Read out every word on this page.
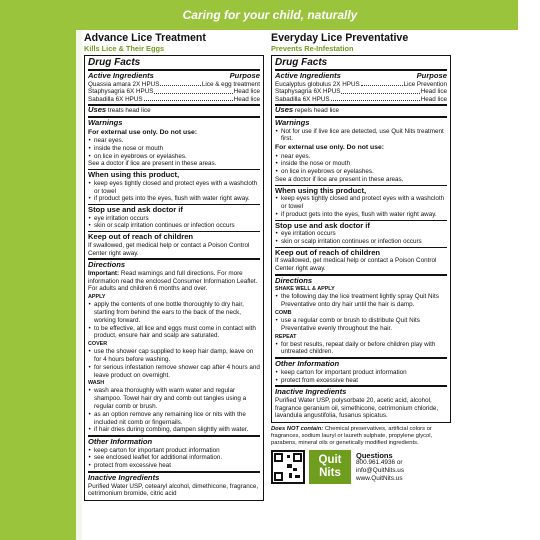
Caring for your child, naturally
Advance Lice Treatment
Kills Lice & Their Eggs
Drug Facts
Active Ingredients	Purpose
Quassia amara 2X HPUS	Lice & egg treatment
Staphysagria 6X HPUS	Head lice
Sabadilla 6X HPUS	Head lice
Uses treats head lice
Warnings
For external use only. Do not use:
• near eyes.
• inside the nose or mouth
• on lice in eyebrows or eyelashes.
See a doctor if lice are present in these areas.
When using this product,
• keep eyes tightly closed and protect eyes with a washcloth or towel
• if product gets into the eyes, flush with water right away.
Stop use and ask doctor if
• eye irritation occurs
• skin or scalp irritation continues or infection occurs
Keep out of reach of children
If swallowed, get medical help or contact a Poison Control Center right away.
Directions
Important: Read warnings and full directions. For more information read the enclosed Consumer Information Leaflet. For adults and children 6 months and over.
APPLY
• apply the contents of one bottle thoroughly to dry hair, starting from behind the ears to the back of the neck, working forward.
• to be effective, all lice and eggs must come in contact with product, ensure hair and scalp are saturated.
COVER
• use the shower cap supplied to keep hair damp, leave on for 4 hours before washing.
• for serious infestation remove shower cap after 4 hours and leave product on overnight.
WASH
• wash area thoroughly with warm water and regular shampoo. Towel hair dry and comb out tangles using a regular comb or brush.
• as an option remove any remaining lice or nits with the included nit comb or fingernails.
• if hair dries during combing, dampen slightly with water.
Other Information
• keep carton for important product information
• see enclosed leaflet for additional information.
• protect from excessive heat
Inactive Ingredients
Purified Water USP, cetearyl alcohol, dimethicone, fragrance, cetrimonium bromide, citric acid
Everyday Lice Preventative
Prevents Re-Infestation
Drug Facts
Active Ingredients	Purpose
Eucalyptus globulus 2X HPUS	Lice Prevention
Staphysagria 6X HPUS	Head lice
Sabadilla 6X HPUS	Head lice
Uses repels head lice
Warnings
• Not for use if live lice are detected, use Quit Nits treatment first.
For external use only. Do not use:
• near eyes.
• inside the nose or mouth
• on lice in eyebrows or eyelashes.
See a doctor if lice are present in these areas.
When using this product,
• keep eyes tightly closed and protect eyes with a washcloth or towel
• if product gets into the eyes, flush with water right away.
Stop use and ask doctor if
• eye irritation occurs
• skin or scalp irritation continues or infection occurs
Keep out of reach of children
If swallowed, get medical help or contact a Poison Control Center right away.
Directions
SHAKE WELL & APPLY
• the following day the lice treatment lightly spray Quit Nits Preventative onto dry hair until the hair is damp.
COMB
• use a regular comb or brush to distribute Quit Nits Preventative evenly throughout the hair.
REPEAT
• for best results, repeat daily or before children play with untreated children.
Other Information
• keep carton for important product information
• protect from excessive heat
Inactive Ingredients
Purified Water USP, polysorbate 20, acetic acid, alcohol, fragrance geranium oil, simethicone, cetrimonium chloride, lavandula angustifolia, fusanus spicatus.
Does NOT contain: Chemical preservatives, artificial colors or fragrances, sodium lauryl or laureth sulphate, propylene glycol, parabens, mineral oils or genetically modified ingredients.
Quit
Nits
Questions
800.961.4936 or
info@QuitNits.us
www.QuitNits.us
